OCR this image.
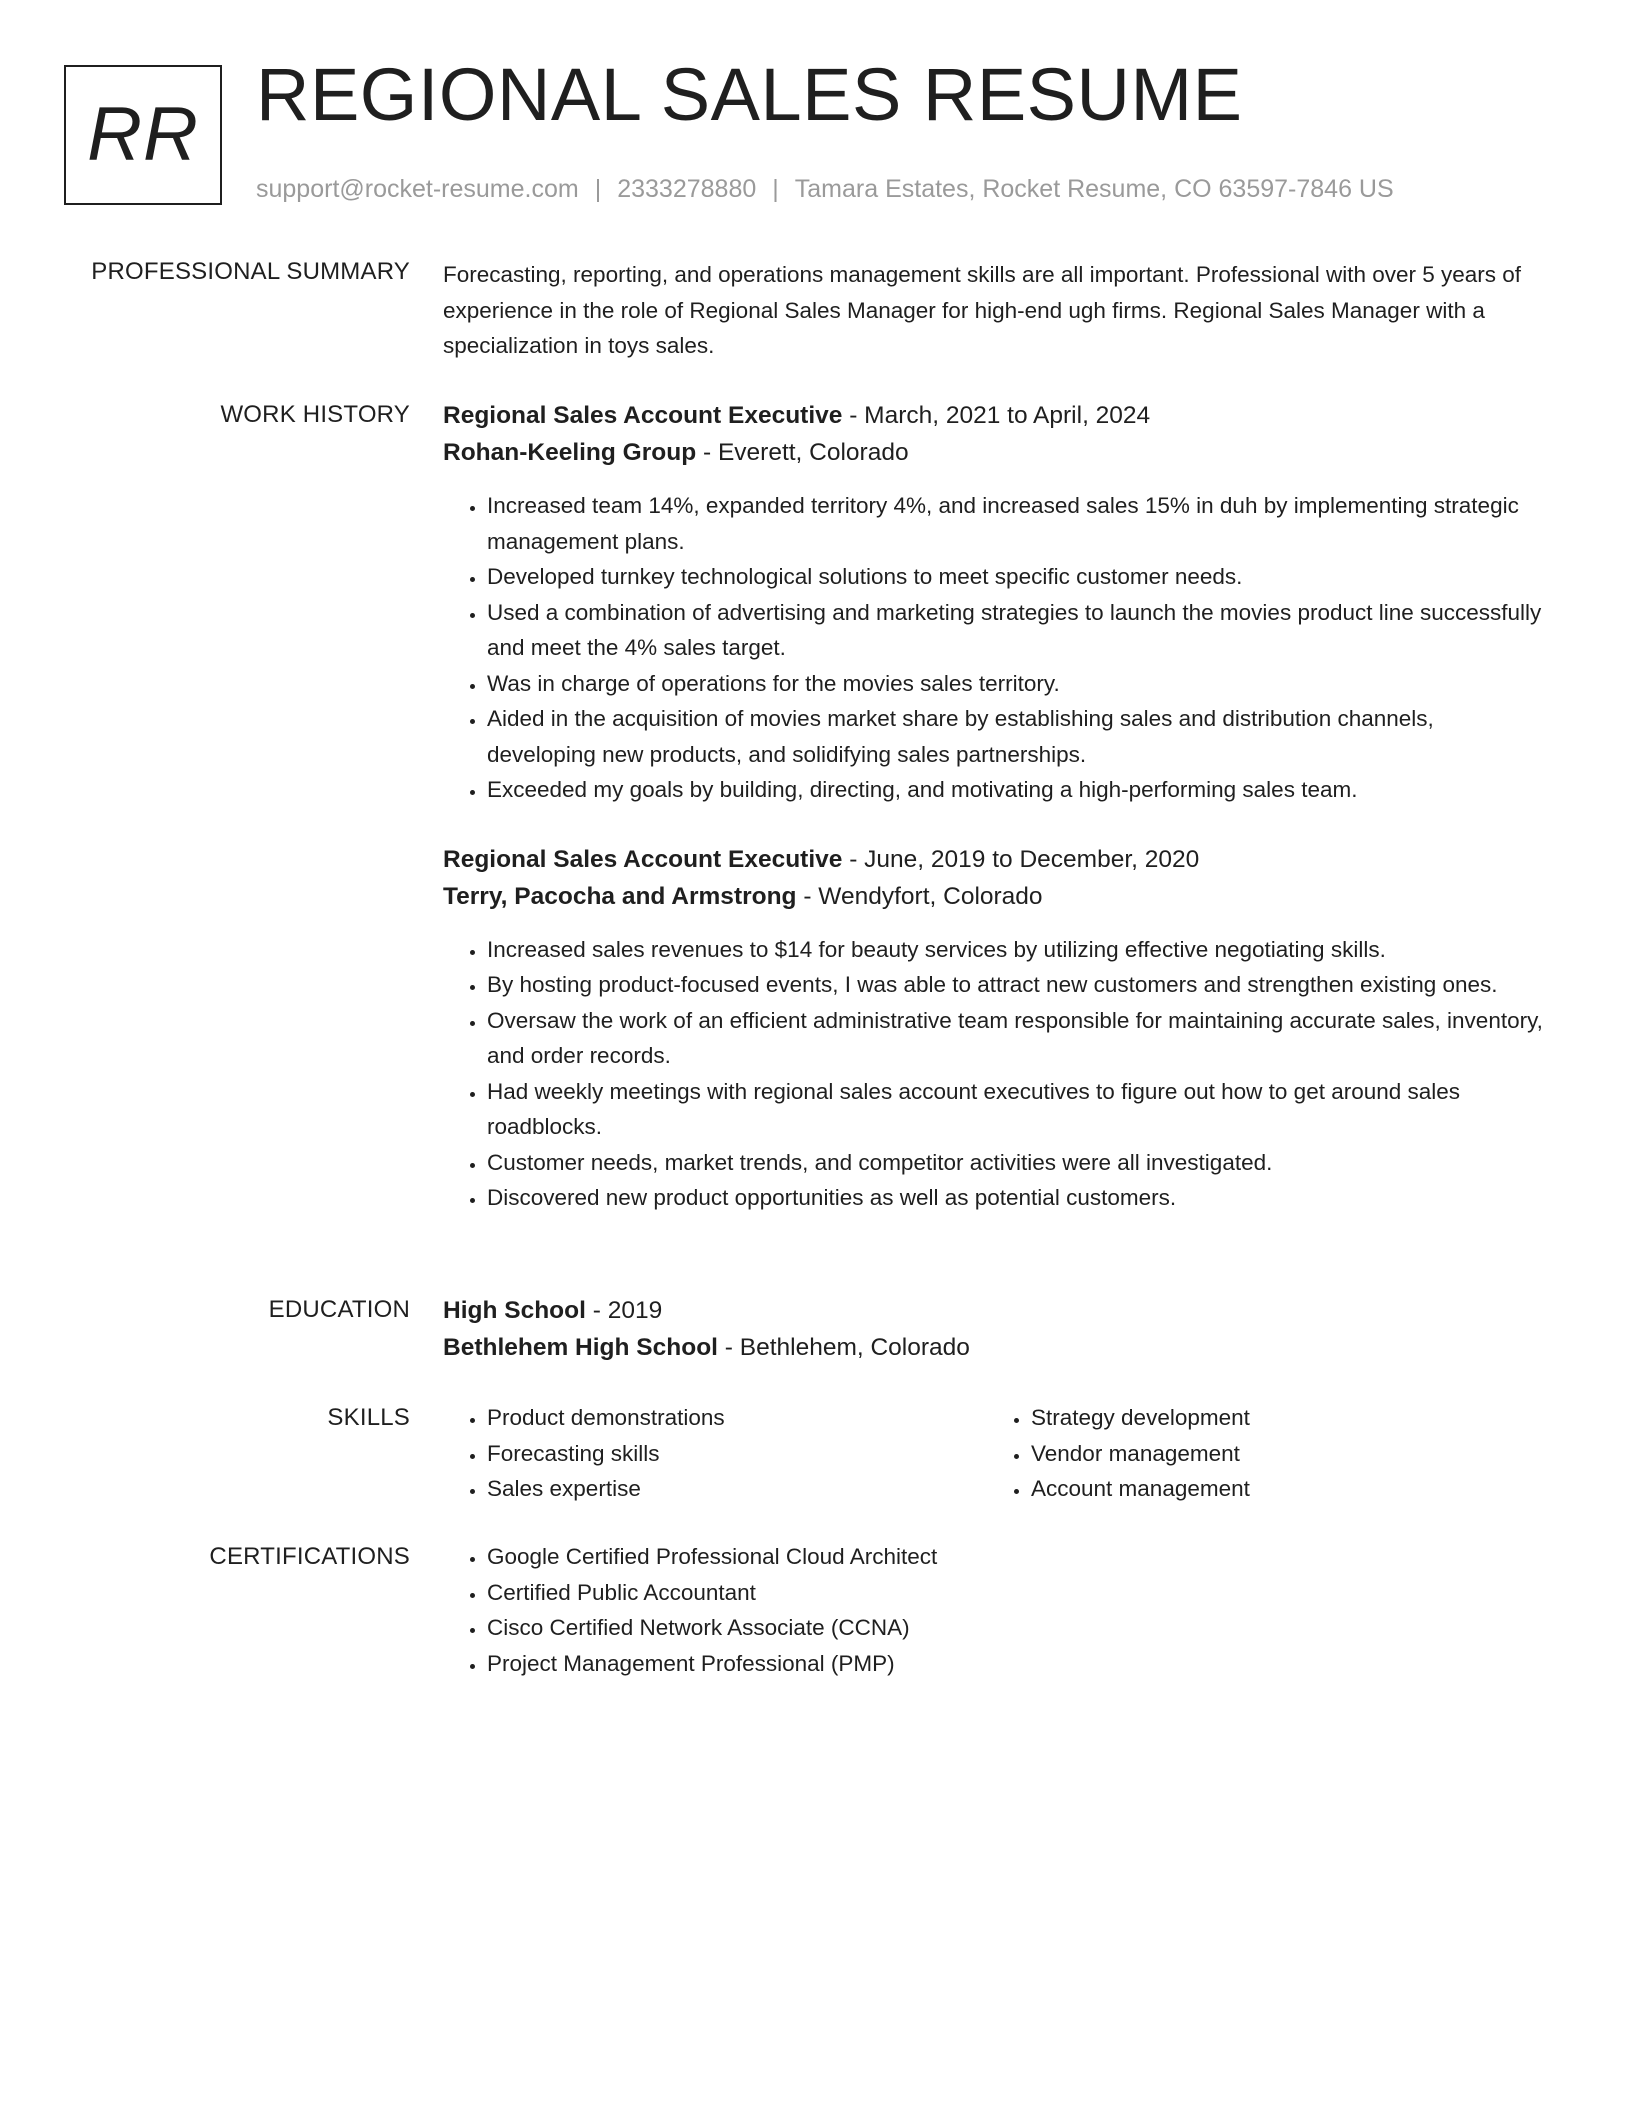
RR REGIONAL SALES RESUME
support@rocket-resume.com | 2333278880 | Tamara Estates, Rocket Resume, CO 63597-7846 US
PROFESSIONAL SUMMARY Forecasting, reporting, and operations management skills are all important. Professional with over 5 years of experience in the role of Regional Sales Manager for high-end ugh firms. Regional Sales Manager with a specialization in toys sales.

WORK HISTORY Regional Sales Account Executive - March, 2021 to April, 2024
Rohan-Keeling Group - Everett, Colorado
• Increased team 14%, expanded territory 4%, and increased sales 15% in duh by implementing strategic management plans.
• Developed turnkey technological solutions to meet specific customer needs.
• Used a combination of advertising and marketing strategies to launch the movies product line successfully and meet the 4% sales target.
• Was in charge of operations for the movies sales territory.
• Aided in the acquisition of movies market share by establishing sales and distribution channels, developing new products, and solidifying sales partnerships.
• Exceeded my goals by building, directing, and motivating a high-performing sales team.
Regional Sales Account Executive - June, 2019 to December, 2020
Terry, Pacocha and Armstrong - Wendyfort, Colorado
• Increased sales revenues to $14 for beauty services by utilizing effective negotiating skills.
• By hosting product-focused events, I was able to attract new customers and strengthen existing ones.
• Oversaw the work of an efficient administrative team responsible for maintaining accurate sales, inventory, and order records.
• Had weekly meetings with regional sales account executives to figure out how to get around sales roadblocks.
• Customer needs, market trends, and competitor activities were all investigated.
• Discovered new product opportunities as well as potential customers.
EDUCATION High School - 2019
Bethlehem High School - Bethlehem, Colorado
SKILLS	• Product demonstrations
• Forecasting skills
• Sales expertise
• Strategy development
• Vendor management
• Account management
CERTIFICATIONS	• Google Certified Professional Cloud Architect
• Certified Public Accountant
• Cisco Certified Network Associate (CCNA)
• Project Management Professional (PMP)
